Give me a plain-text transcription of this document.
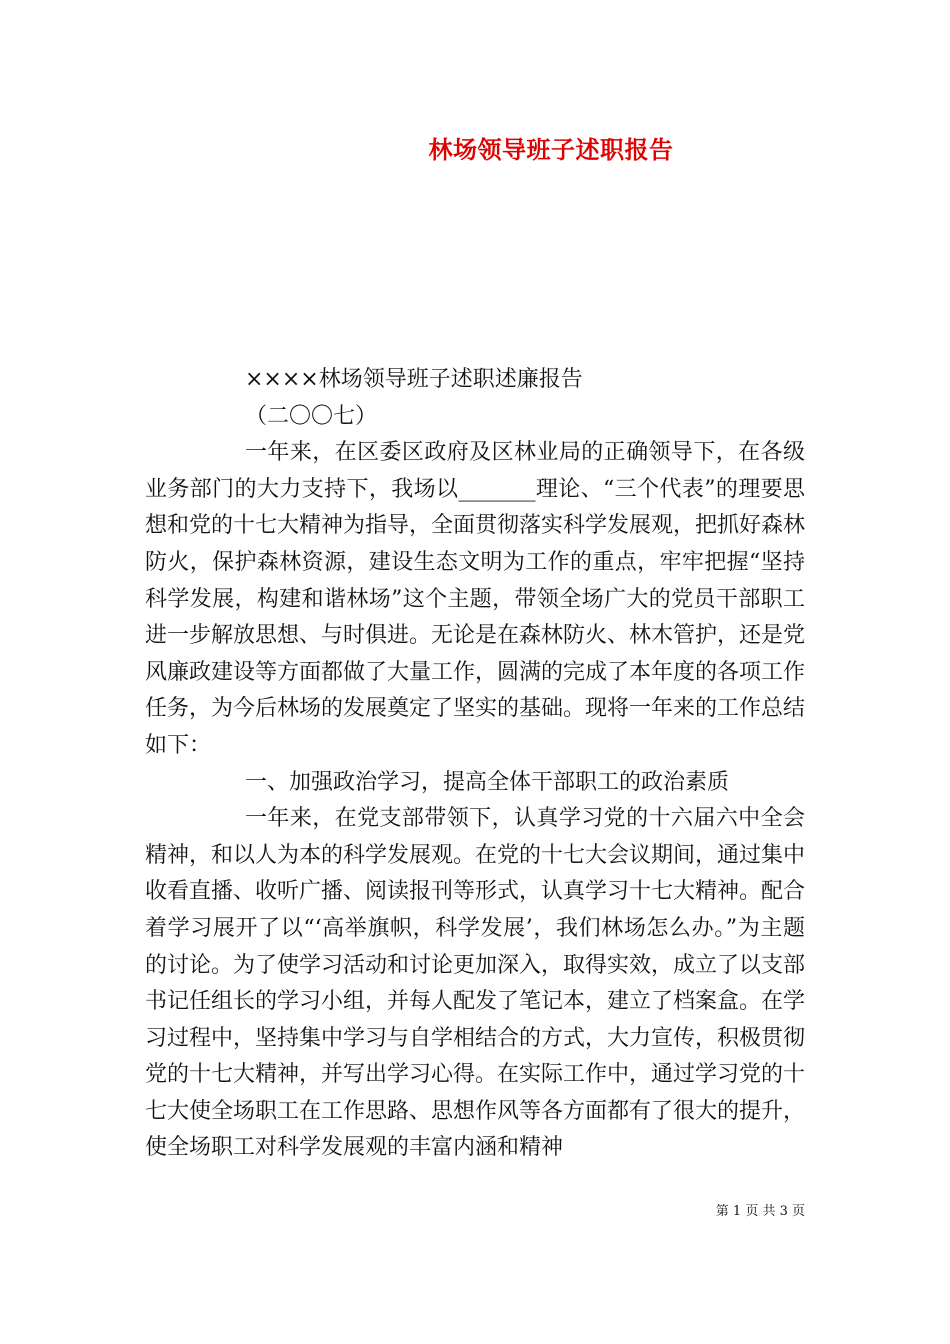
林场领导班子述职报告

××××林场领导班子述职述廉报告

（二〇〇七）

一年来，在区委区政府及区林业局的正确领导下，在各级业务部门的大力支持下，我场以_______理论、“三个代表”的理要思想和党的十七大精神为指导，全面贯彻落实科学发展观，把抓好森林防火，保护森林资源，建设生态文明为工作的重点，牢牢把握“坚持科学发展，构建和谐林场”这个主题，带领全场广大的党员干部职工进一步解放思想、与时俱进。无论是在森林防火、林木管护，还是党风廉政建设等方面都做了大量工作，圆满的完成了本年度的各项工作任务，为今后林场的发展奠定了坚实的基础。现将一年来的工作总结如下：

一、加强政治学习，提高全体干部职工的政治素质

一年来，在党支部带领下，认真学习党的十六届六中全会精神，和以人为本的科学发展观。在党的十七大会议期间，通过集中收看直播、收听广播、阅读报刊等形式，认真学习十七大精神。配合着学习展开了以“‘高举旗帜，科学发展’，我们林场怎么办。”为主题的讨论。为了使学习活动和讨论更加深入，取得实效，成立了以支部书记任组长的学习小组，并每人配发了笔记本，建立了档案盒。在学习过程中，坚持集中学习与自学相结合的方式，大力宣传，积极贯彻党的十七大精神，并写出学习心得。在实际工作中，通过学习党的十七大使全场职工在工作思路、思想作风等各方面都有了很大的提升，使全场职工对科学发展观的丰富内涵和精神

第 1 页 共 3 页
